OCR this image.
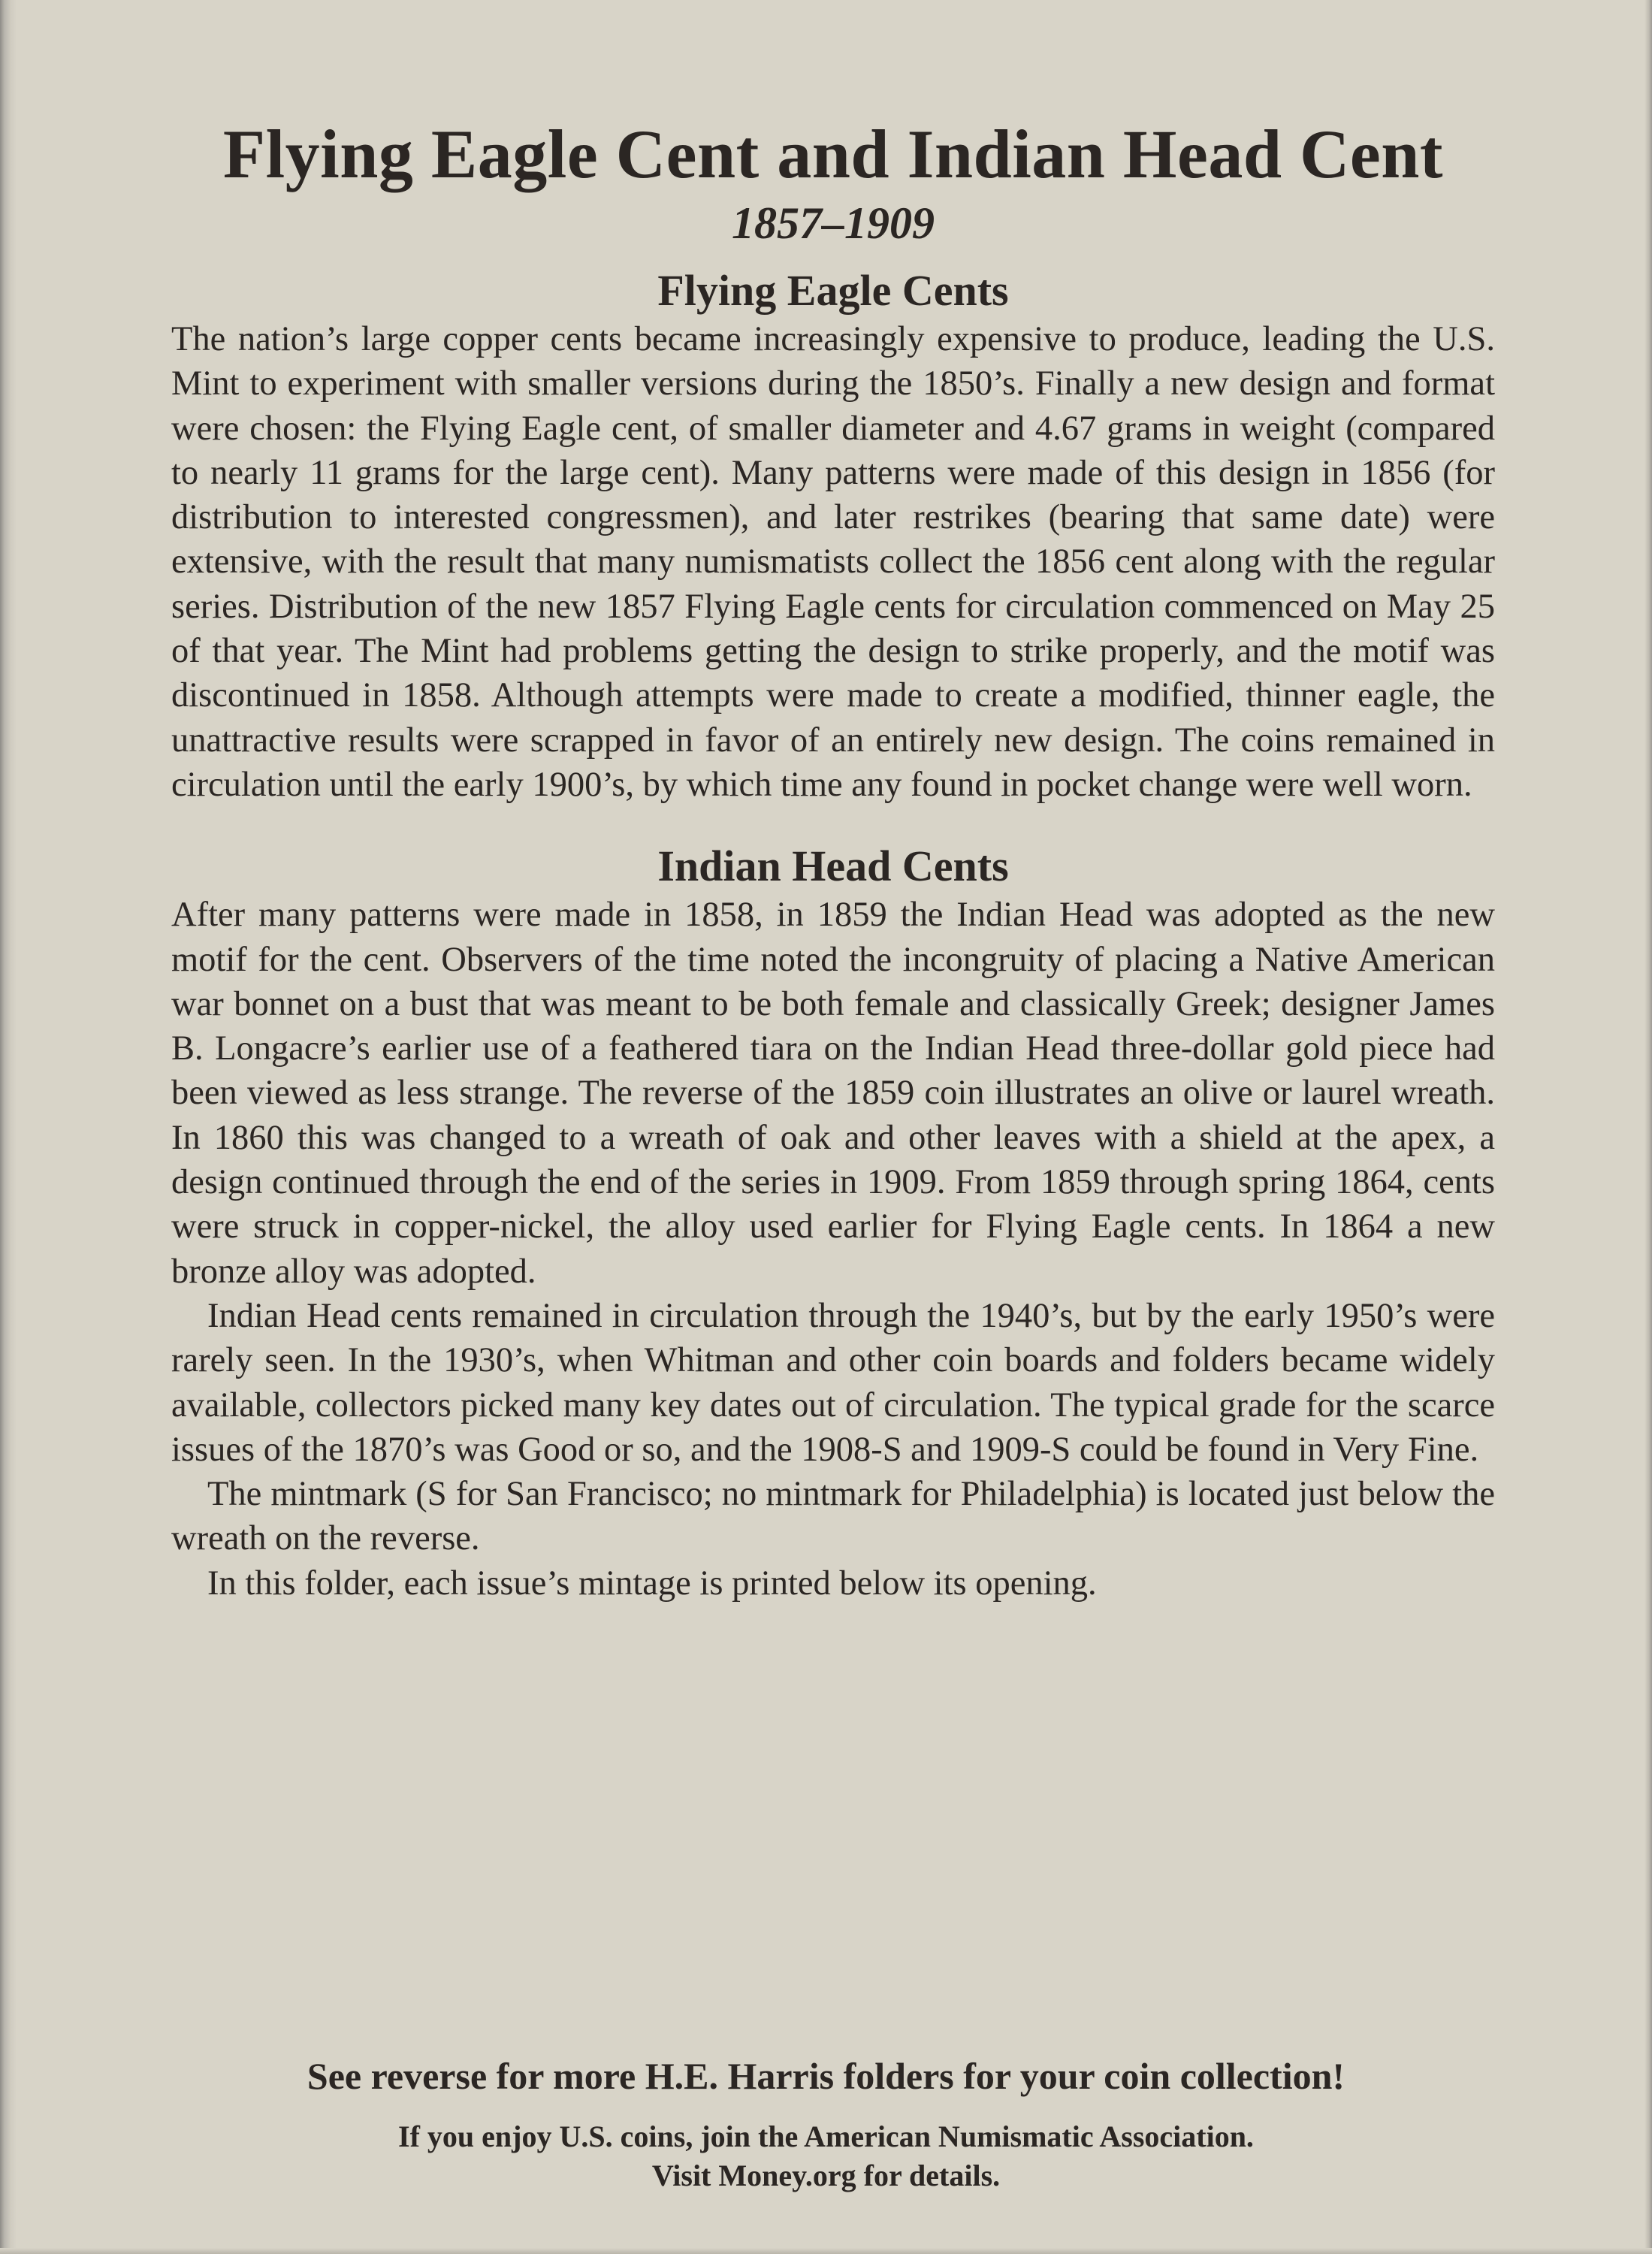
Flying Eagle Cent and Indian Head Cent
1857–1909
Flying Eagle Cents

The nation’s large copper cents became increasingly expensive to produce, leading the U.S. Mint to experiment with smaller versions during the 1850’s. Finally a new design and format were chosen: the Flying Eagle cent, of smaller diameter and 4.67 grams in weight (compared to nearly 11 grams for the large cent). Many patterns were made of this design in 1856 (for distribution to interested congressmen), and later restrikes (bearing that same date) were extensive, with the result that many numismatists collect the 1856 cent along with the regular series. Distribution of the new 1857 Flying Eagle cents for circulation commenced on May 25 of that year. The Mint had problems getting the design to strike properly, and the motif was discontinued in 1858. Although attempts were made to create a modified, thinner eagle, the unattractive results were scrapped in favor of an entirely new design. The coins remained in circulation until the early 1900’s, by which time any found in pocket change were well worn.

Indian Head Cents

After many patterns were made in 1858, in 1859 the Indian Head was adopted as the new motif for the cent. Observers of the time noted the incongruity of placing a Native American war bonnet on a bust that was meant to be both female and classically Greek; designer James B. Longacre’s earlier use of a feathered tiara on the Indian Head three-dollar gold piece had been viewed as less strange. The reverse of the 1859 coin illustrates an olive or laurel wreath. In 1860 this was changed to a wreath of oak and other leaves with a shield at the apex, a design continued through the end of the series in 1909. From 1859 through spring 1864, cents were struck in copper-nickel, the alloy used earlier for Flying Eagle cents. In 1864 a new bronze alloy was adopted.

Indian Head cents remained in circulation through the 1940’s, but by the early 1950’s were rarely seen. In the 1930’s, when Whitman and other coin boards and folders became widely available, collectors picked many key dates out of circulation. The typical grade for the scarce issues of the 1870’s was Good or so, and the 1908-S and 1909-S could be found in Very Fine.

The mintmark (S for San Francisco; no mintmark for Philadelphia) is located just below the wreath on the reverse.

In this folder, each issue’s mintage is printed below its opening.

See reverse for more H.E. Harris folders for your coin collection!

If you enjoy U.S. coins, join the American Numismatic Association.
Visit Money.org for details.
